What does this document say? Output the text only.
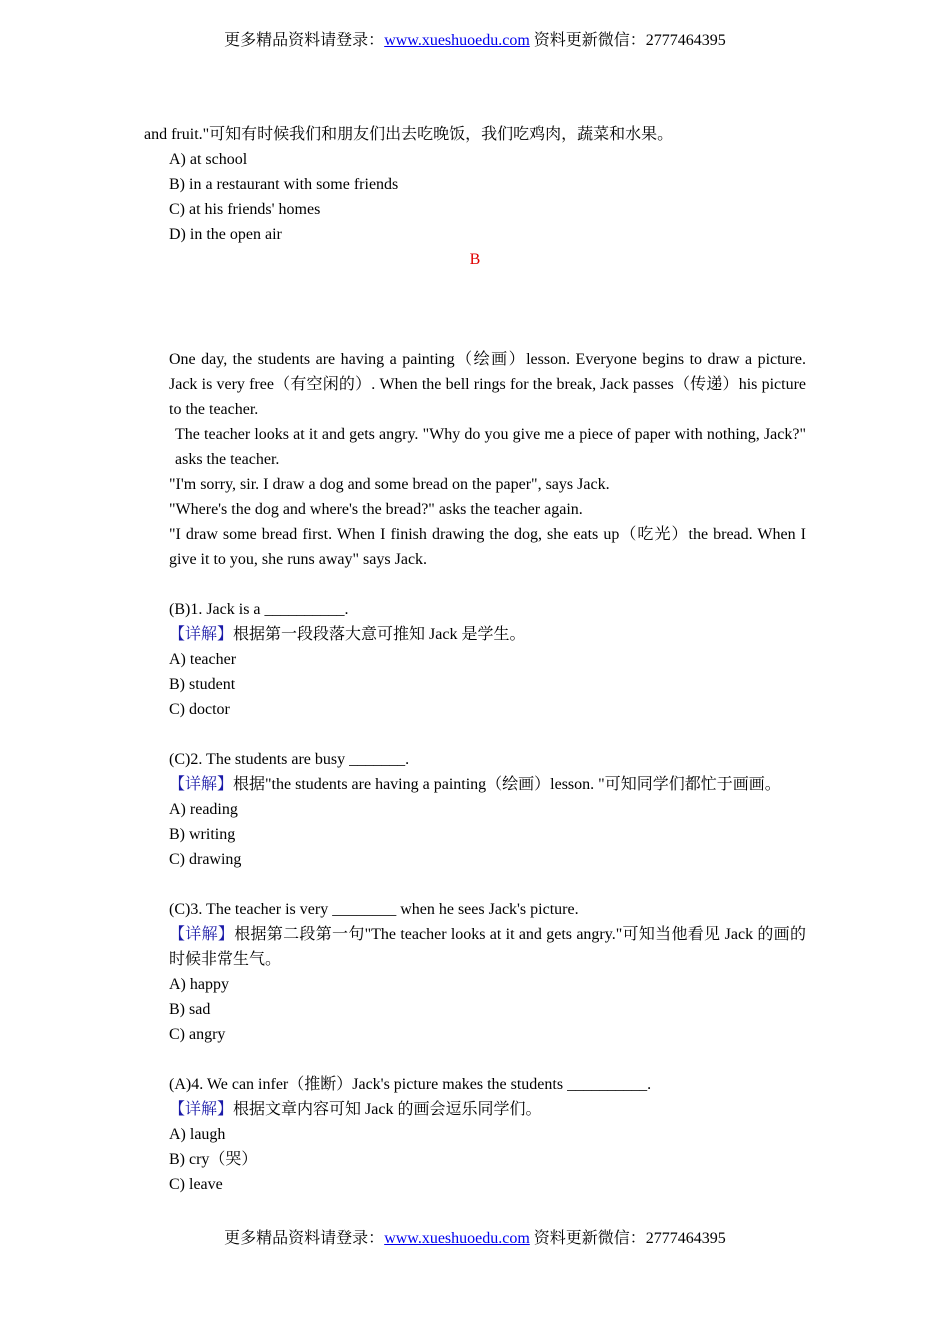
更多精品资料请登录：www.xueshuoedu.com 资料更新微信：2777464395

and fruit."可知有时候我们和朋友们出去吃晚饭，我们吃鸡肉，蔬菜和水果。

A) at school

B) in a restaurant with some friends

C) at his friends' homes

D) in the open air

B

One day, the students are having a painting（绘画）lesson. Everyone begins to draw a picture. Jack is very free（有空闲的）. When the bell rings for the break, Jack passes（传递）his picture to the teacher.

The teacher looks at it and gets angry. "Why do you give me a piece of paper with nothing, Jack?" asks the teacher.

"I'm sorry, sir. I draw a dog and some bread on the paper", says Jack.

"Where's the dog and where's the bread?" asks the teacher again.

"I draw some bread first. When I finish drawing the dog, she eats up（吃光）the bread. When I give it to you, she runs away" says Jack.

(B)1. Jack is a __________.

【详解】根据第一段段落大意可推知 Jack 是学生。

A) teacher

B) student

C) doctor

(C)2. The students are busy _______.

【详解】根据"the students are having a painting（绘画）lesson. "可知同学们都忙于画画。

A) reading

B) writing

C) drawing

(C)3. The teacher is very ________ when he sees Jack's picture.

【详解】根据第二段第一句"The teacher looks at it and gets angry."可知当他看见 Jack 的画的时候非常生气。

A) happy

B) sad

C) angry

(A)4. We can infer（推断）Jack's picture makes the students __________.

【详解】根据文章内容可知 Jack 的画会逗乐同学们。

A) laugh

B) cry（哭）

C) leave

更多精品资料请登录：www.xueshuoedu.com 资料更新微信：2777464395
